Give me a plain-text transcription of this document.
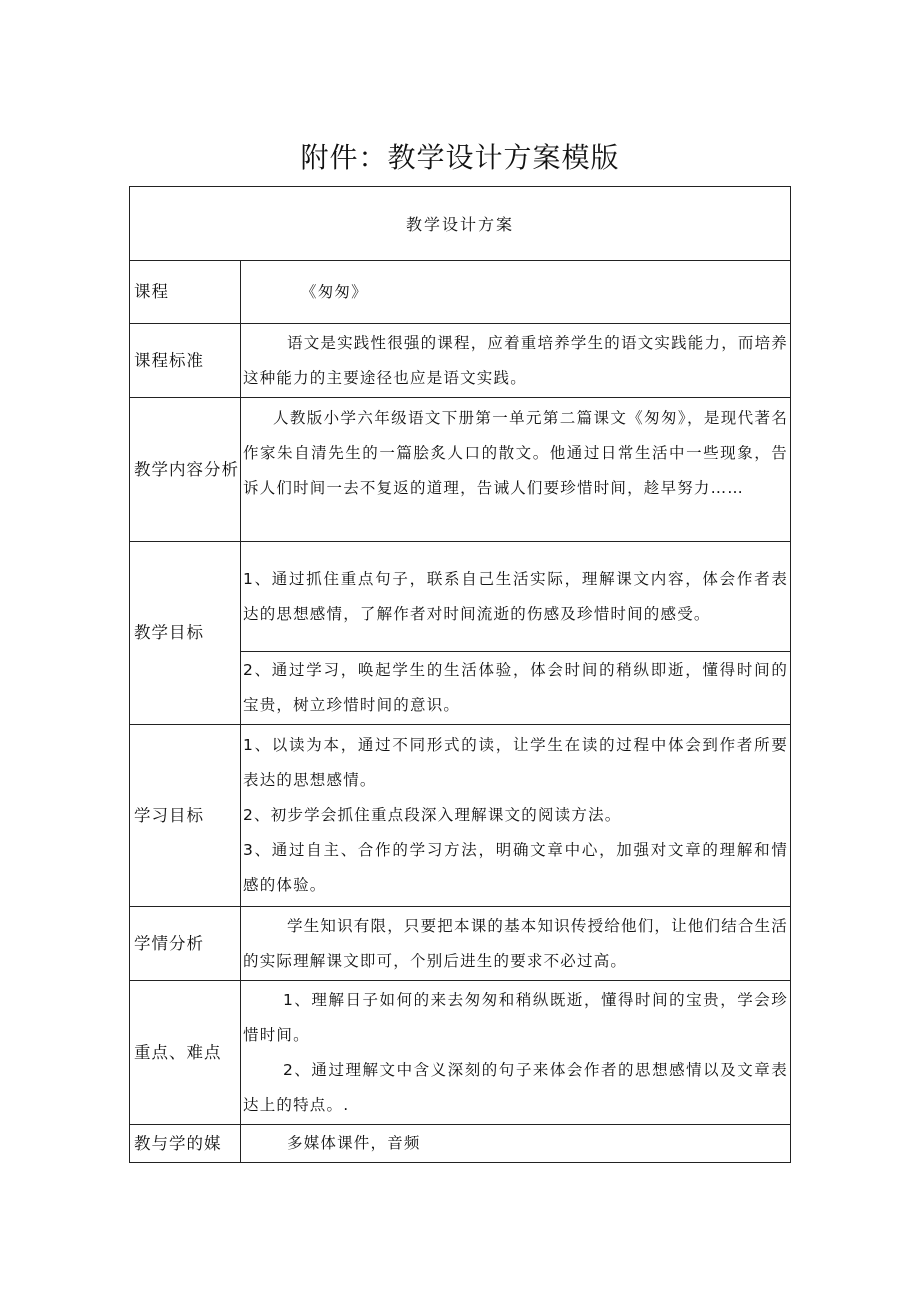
附件：教学设计方案模版
教学设计方案	
课程	《匆匆》
课程标准	语文是实践性很强的课程，应着重培养学生的语文实践能力，而培养这种能力的主要途径也应是语文实践。

教学内容分析	人教版小学六年级语文下册第一单元第二篇课文《匆匆》，是现代著名作家朱自清先生的一篇脍炙人口的散文。他通过日常生活中一些现象，告诉人们时间一去不复返的道理，告诫人们要珍惜时间，趁早努力……

教学目标	1、通过抓住重点句子，联系自己生活实际，理解课文内容，体会作者表达的思想感情，了解作者对时间流逝的伤感及珍惜时间的感受。

	2、通过学习，唤起学生的生活体验，体会时间的稍纵即逝，懂得时间的宝贵，树立珍惜时间的意识。

学习目标	1、以读为本，通过不同形式的读，让学生在读的过程中体会到作者所要表达的思想感情。

2、初步学会抓住重点段深入理解课文的阅读方法。

3、通过自主、合作的学习方法，明确文章中心，加强对文章的理解和情感的体验。

学情分析	学生知识有限，只要把本课的基本知识传授给他们，让他们结合生活的实际理解课文即可，个别后进生的要求不必过高。

重点、难点	1、理解日子如何的来去匆匆和稍纵既逝，懂得时间的宝贵，学会珍惜时间。

2、通过理解文中含义深刻的句子来体会作者的思想感情以及文章表达上的特点。.

教与学的媒	多媒体课件，音频
